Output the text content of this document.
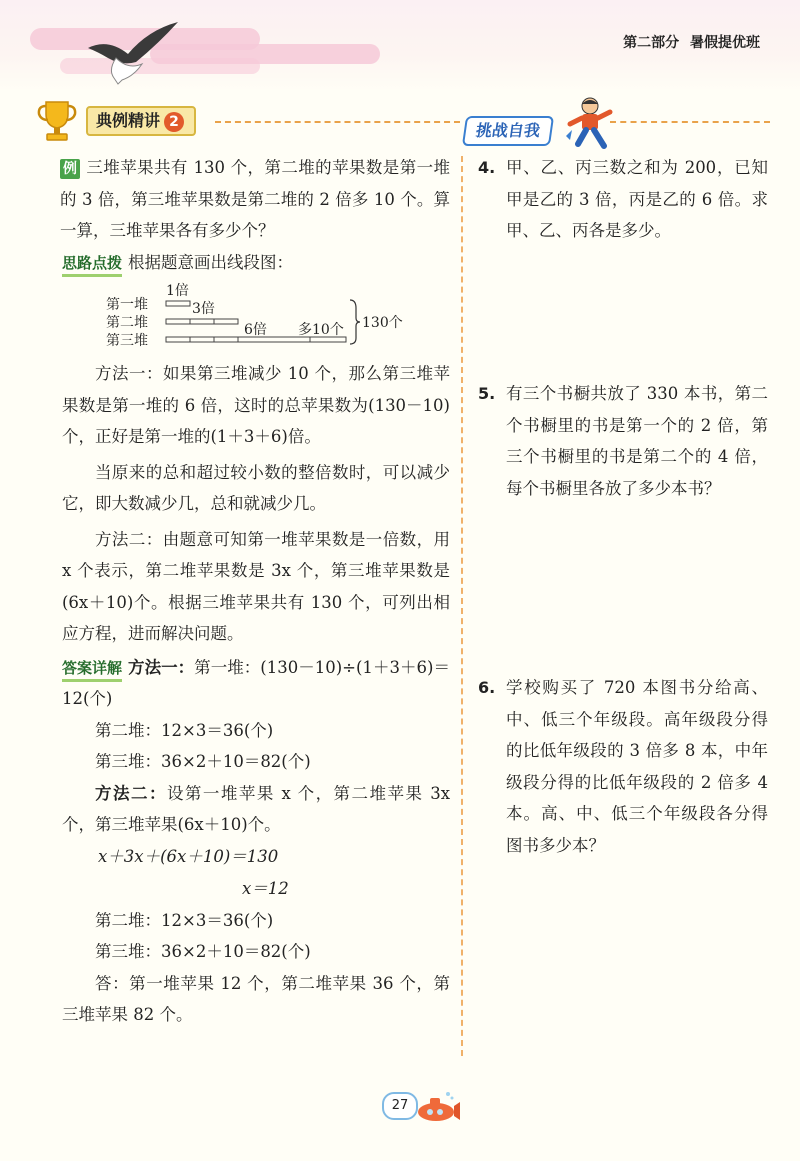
第二部分 暑假提优班
典例精讲 2	挑战自我

例 三堆苹果共有 130 个，第二堆的苹果数是第一堆的 3 倍，第三堆苹果数是第二堆的 2 倍多 10 个。算一算，三堆苹果各有多少个？

思路点拨 根据题意画出线段图：

第一堆
第二堆
第三堆
1倍
3倍
6倍 多10个 130个

方法一：如果第三堆减少 10 个，那么第三堆苹果数是第一堆的 6 倍，这时的总苹果数为(130－10)个，正好是第一堆的(1＋3＋6)倍。

当原来的总和超过较小数的整倍数时，可以减少它，即大数减少几，总和就减少几。

方法二：由题意可知第一堆苹果数是一倍数，用 x 个表示，第二堆苹果数是 3x 个，第三堆苹果数是(6x＋10)个。根据三堆苹果共有 130 个，可列出相应方程，进而解决问题。

答案详解 方法一：第一堆：(130－10)÷(1＋3＋6)＝12(个)

第二堆：12×3＝36(个)

第三堆：36×2＋10＝82(个)

方法二：设第一堆苹果 x 个，第二堆苹果 3x 个，第三堆苹果(6x＋10)个。

x＋3x＋(6x＋10)＝130

x＝12

第二堆：12×3＝36(个)

第三堆：36×2＋10＝82(个)

答：第一堆苹果 12 个，第二堆苹果 36 个，第三堆苹果 82 个。

4. 甲、乙、丙三数之和为 200，已知甲是乙的 3 倍，丙是乙的 6 倍。求甲、乙、丙各是多少。
5. 有三个书橱共放了 330 本书，第二个书橱里的书是第一个的 2 倍，第三个书橱里的书是第二个的 4 倍，每个书橱里各放了多少本书？
6. 学校购买了 720 本图书分给高、中、低三个年级段。高年级段分得的比低年级段的 3 倍多 8 本，中年级段分得的比低年级段的 2 倍多 4 本。高、中、低三个年级段各分得图书多少本？
27
